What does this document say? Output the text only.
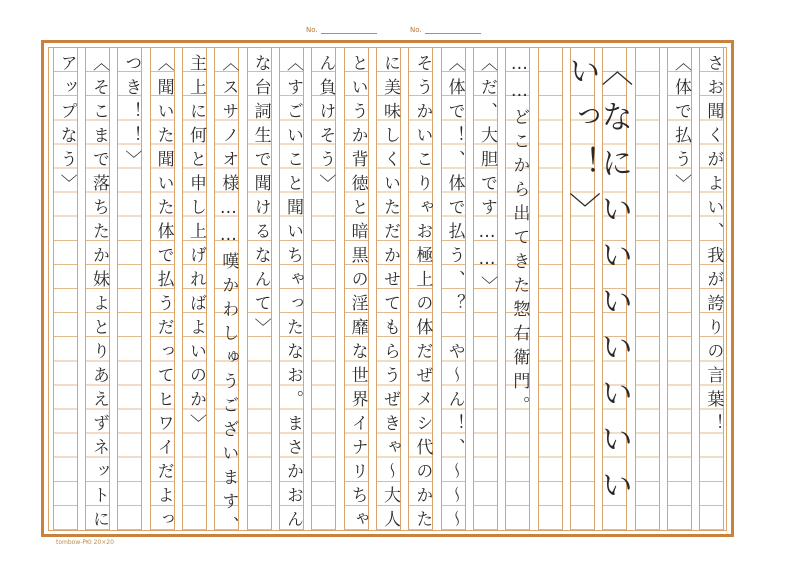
No.	No.
さお聞くがよい、我が誇りの言葉！
〈体で払う〉
〈なにいいいいいいい
いっ！〉
……どこから出てきた惣右衛門。
〈だ、大胆です……〉
〈体で！、体で払う、？　や〜ん！、〜〜〜
そうかいこりゃお極上の体だぜメシ代のかた
に美味しくいただかせてもらうぜきゃ〜大人
というか背徳と暗黒の淫靡な世界イナリちゃ
ん負けそう〉
〈すごいこと聞いちゃったなお。まさかおん
な台詞生で聞けるなんて〉
〈スサノオ様……嘆かわしゅうございます、
主上に何と申し上げればよいのか〉
〈聞いた聞いた体で払うだってヒワイだよっ
つき！！〉
〈そこまで落ちたか妹よとりあえずネットに
アップなう〉
tombow-PKI 20×20
